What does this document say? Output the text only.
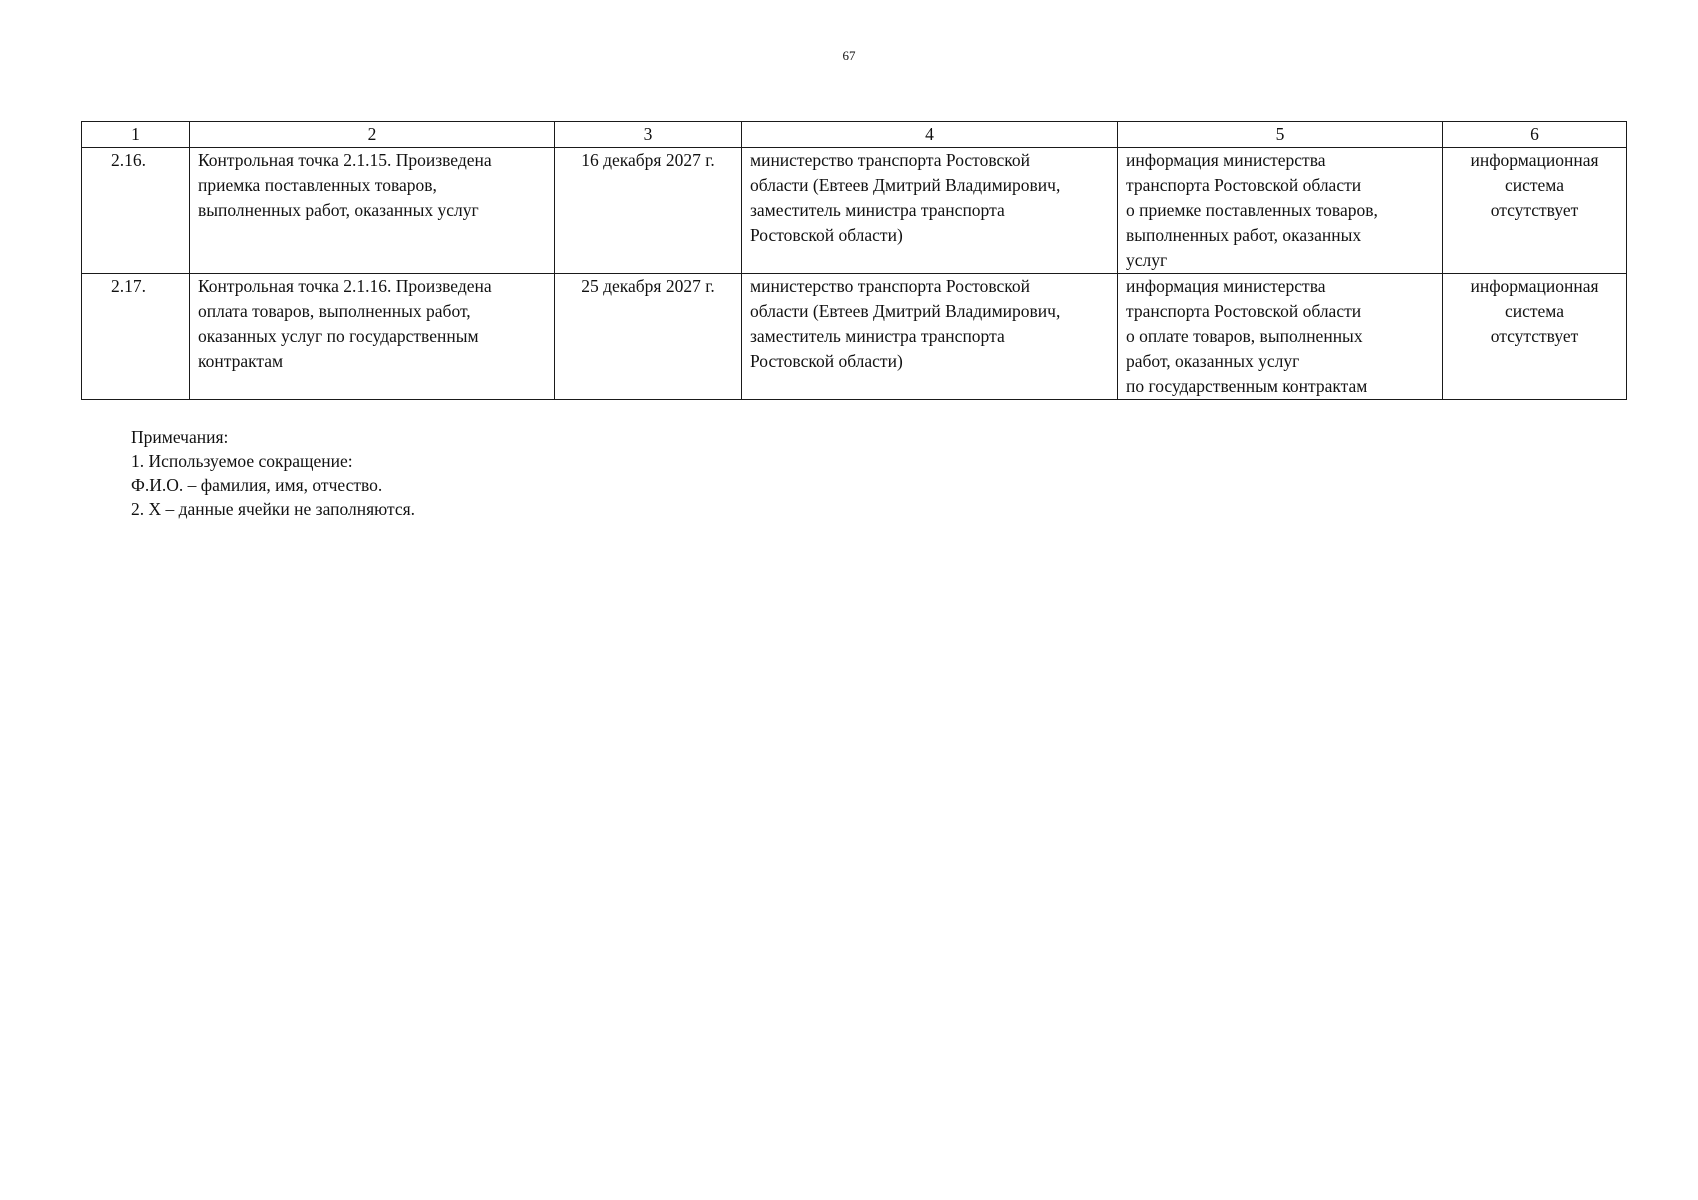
67
1	2	3	4	5	6
2.16.	Контрольная точка 2.1.15. Произведена
приемка поставленных товаров,
выполненных работ, оказанных услуг	16 декабря 2027 г.	министерство транспорта Ростовской
области (Евтеев Дмитрий Владимирович,
заместитель министра транспорта
Ростовской области)	информация министерства
транспорта Ростовской области
о приемке поставленных товаров,
выполненных работ, оказанных
услуг	информационная
система
отсутствует

2.17.	Контрольная точка 2.1.16. Произведена
оплата товаров, выполненных работ,
оказанных услуг по государственным
контрактам	25 декабря 2027 г.	министерство транспорта Ростовской
области (Евтеев Дмитрий Владимирович,
заместитель министра транспорта
Ростовской области)	информация министерства
транспорта Ростовской области
о оплате товаров, выполненных
работ, оказанных услуг
по государственным контрактам	информационная
система
отсутствует
Примечания:
1. Используемое сокращение:
Ф.И.О. – фамилия, имя, отчество.
2. Х – данные ячейки не заполняются.
